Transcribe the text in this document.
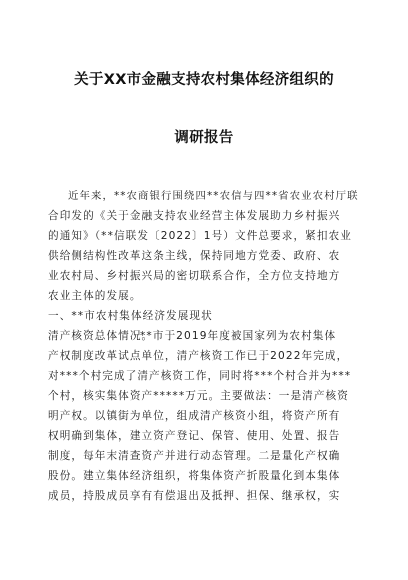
关于XX市金融支持农村集体经济组织的
调研报告
近年来，**农商银行围绕四**农信与四**省农业农村厅联
合印发的《关于金融支持农业经营主体发展助力乡村振兴
的通知》（**信联发〔2022〕1号）文件总要求，紧扣农业
供给侧结构性改革这条主线，保持同地方党委、政府、农
业农村局、乡村振兴局的密切联系合作，全方位支持地方
农业主体的发展。
一、**市农村集体经济发展现状
清产核资总体情况。
**市于2019年度被国家列为农村集体
产权制度改革试点单位，清产核资工作已于2022年完成，
对***个村完成了清产核资工作，同时将***个村合并为***
个村，核实集体资产*****万元。主要做法：一是清产核资
明产权。以镇街为单位，组成清产核资小组，将资产所有
权明确到集体，建立资产登记、保管、使用、处置、报告
制度，每年末清查资产并进行动态管理。二是量化产权确
股份。建立集体经济组织，将集体资产折股量化到本集体
成员，持股成员享有有偿退出及抵押、担保、继承权，实
